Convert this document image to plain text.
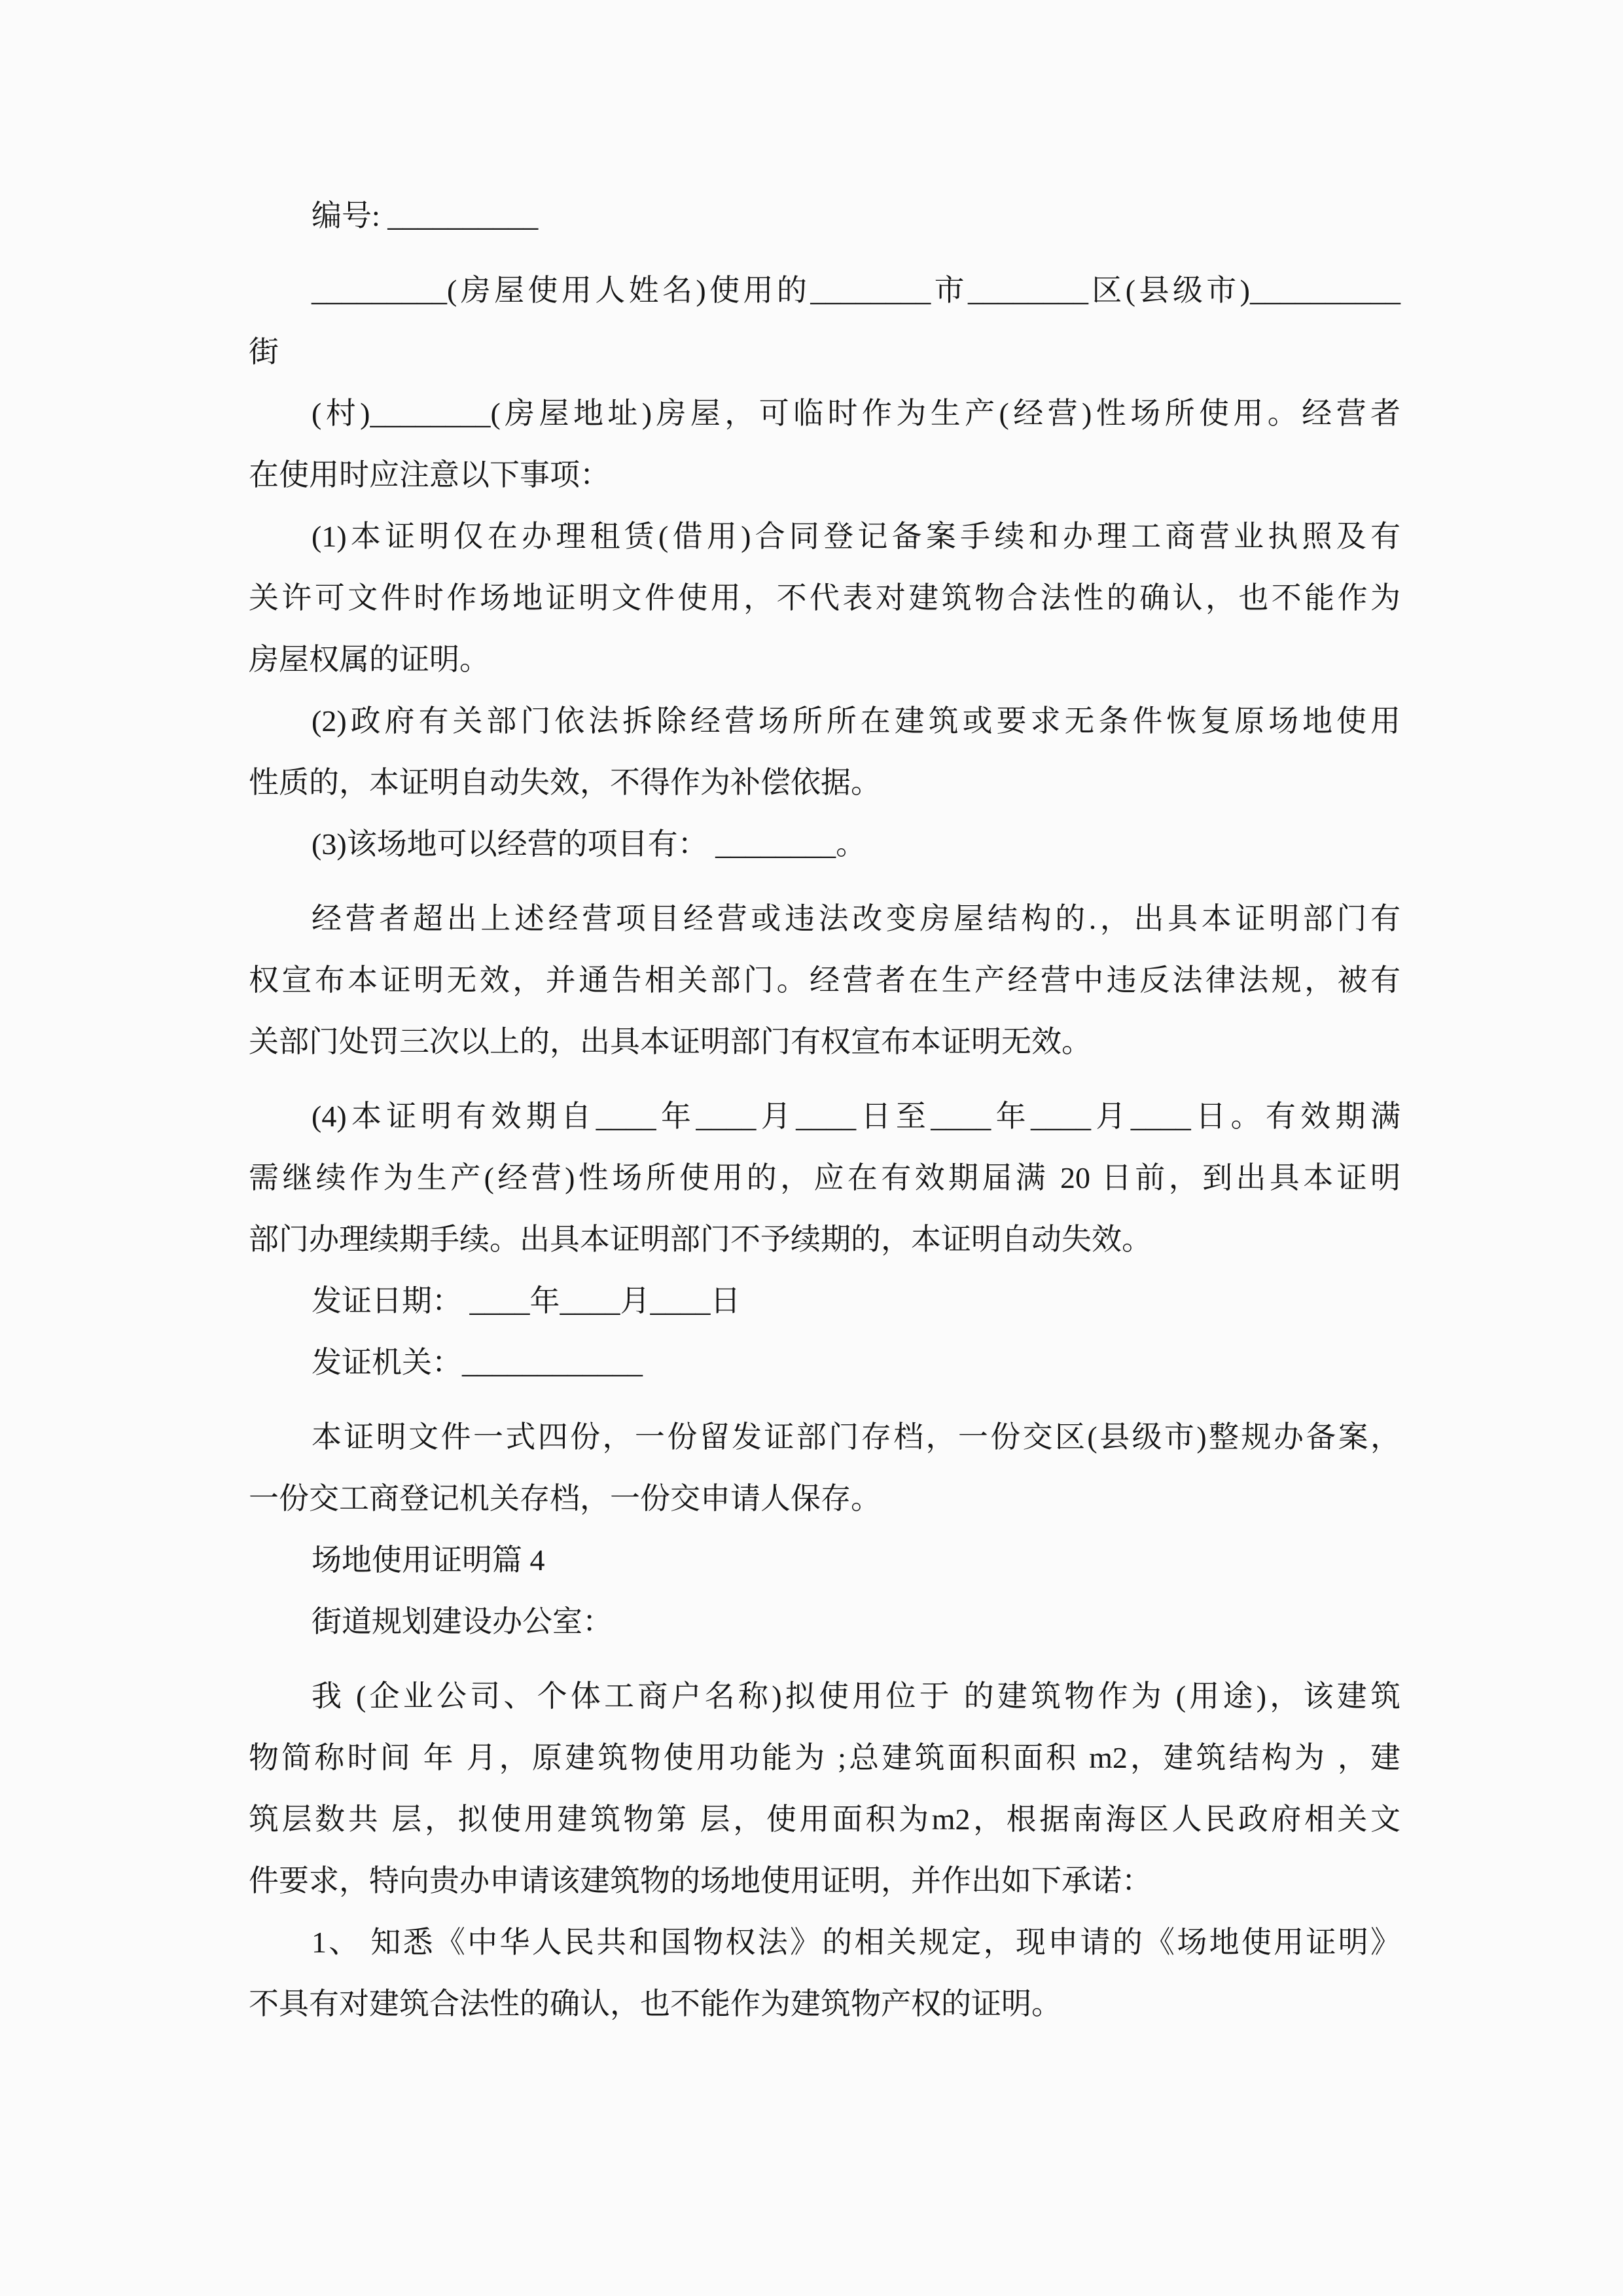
编号: __________
_________(房屋使用人姓名)使用的________市________区(县级市)__________
街
(村)________(房屋地址)房屋，可临时作为生产(经营)性场所使用。经营者
在使用时应注意以下事项：
(1)本证明仅在办理租赁(借用)合同登记备案手续和办理工商营业执照及有
关许可文件时作场地证明文件使用，不代表对建筑物合法性的确认，也不能作为
房屋权属的证明。
(2)政府有关部门依法拆除经营场所所在建筑或要求无条件恢复原场地使用
性质的，本证明自动失效，不得作为补偿依据。
(3)该场地可以经营的项目有： ________。
经营者超出上述经营项目经营或违法改变房屋结构的.，出具本证明部门有
权宣布本证明无效，并通告相关部门。经营者在生产经营中违反法律法规，被有
关部门处罚三次以上的，出具本证明部门有权宣布本证明无效。
(4)本证明有效期自____年____月____日至____年____月____日。有效期满
需继续作为生产(经营)性场所使用的，应在有效期届满 20 日前，到出具本证明
部门办理续期手续。出具本证明部门不予续期的，本证明自动失效。
发证日期： ____年____月____日
发证机关：____________
本证明文件一式四份，一份留发证部门存档，一份交区(县级市)整规办备案，
一份交工商登记机关存档，一份交申请人保存。
场地使用证明篇 4
街道规划建设办公室：
我 (企业公司、个体工商户名称)拟使用位于 的建筑物作为 (用途)，该建筑
物简称时间 年 月，原建筑物使用功能为 ;总建筑面积面积 m2，建筑结构为 ，建
筑层数共 层，拟使用建筑物第 层，使用面积为m2，根据南海区人民政府相关文
件要求，特向贵办申请该建筑物的场地使用证明，并作出如下承诺：
1、 知悉《中华人民共和国物权法》的相关规定，现申请的《场地使用证明》
不具有对建筑合法性的确认，也不能作为建筑物产权的证明。
